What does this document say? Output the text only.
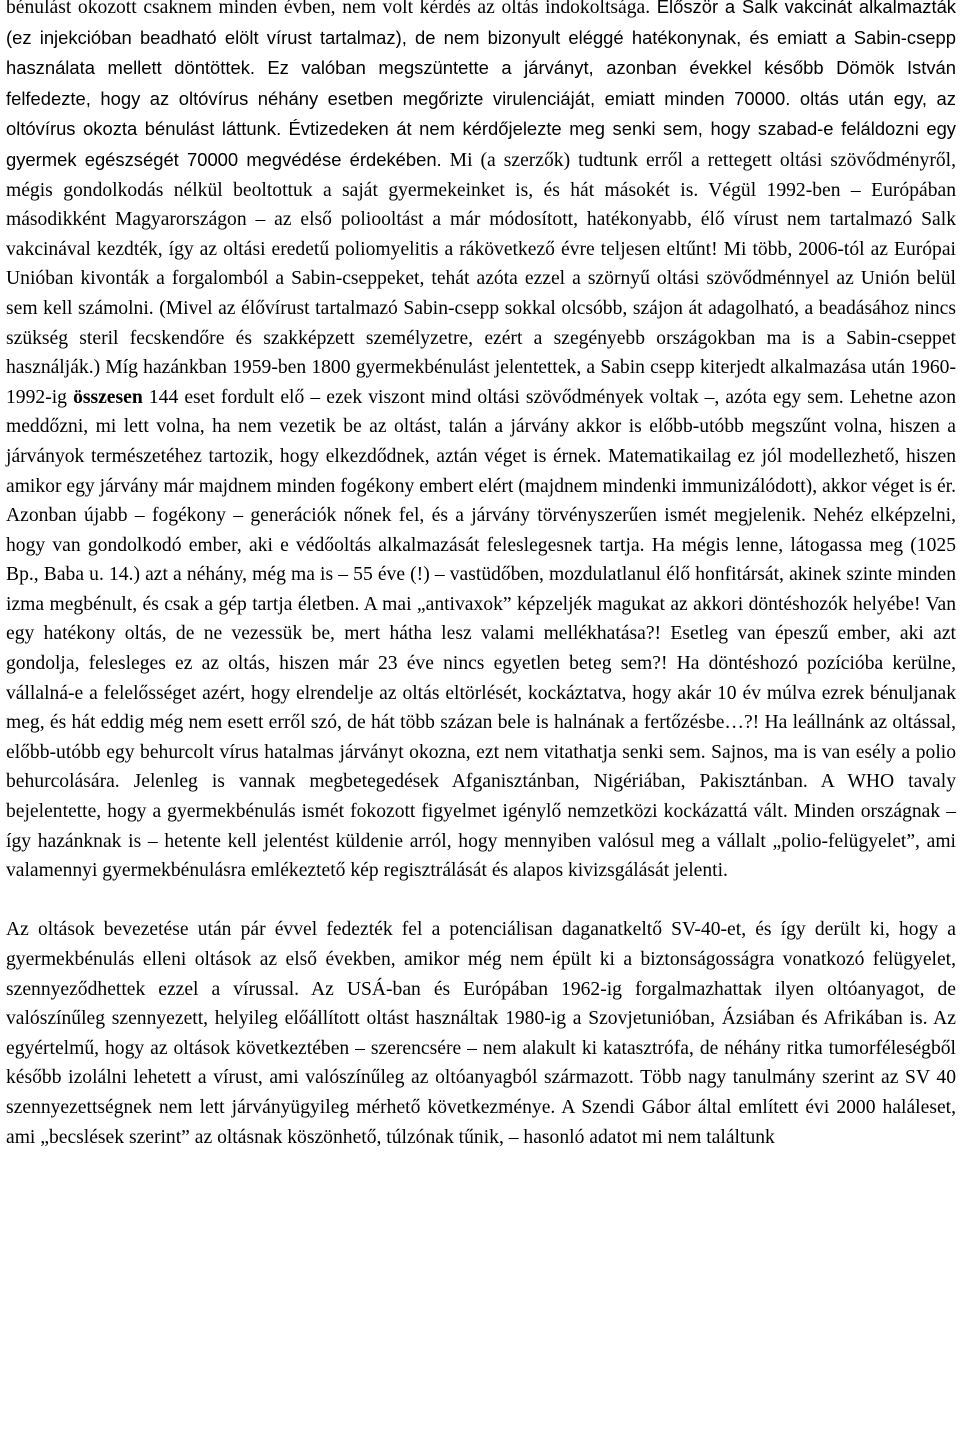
bénulást okozott csaknem minden évben, nem volt kérdés az oltás indokoltsága. Először a Salk vakcinát alkalmazták (ez injekcióban beadható elölt vírust tartalmaz), de nem bizonyult eléggé hatékonynak, és emiatt a Sabin-csepp használata mellett döntöttek. Ez valóban megszüntette a járványt, azonban évekkel később Dömök István felfedezte, hogy az oltóvírus néhány esetben megőrizte virulenciáját, emiatt minden 70000. oltás után egy, az oltóvírus okozta bénulást láttunk. Évtizedeken át nem kérdőjelezte meg senki sem, hogy szabad-e feláldozni egy gyermek egészségét 70000 megvédése érdekében. Mi (a szerzők) tudtunk erről a rettegett oltási szövődményről, mégis gondolkodás nélkül beoltottuk a saját gyermekeinket is, és hát másokét is. Végül 1992-ben – Európában másodikként Magyarországon – az első poliooltást a már módosított, hatékonyabb, élő vírust nem tartalmazó Salk vakcinával kezdték, így az oltási eredetű poliomyelitis a rákövetkező évre teljesen eltűnt! Mi több, 2006-tól az Európai Unióban kivonták a forgalomból a Sabin-cseppeket, tehát azóta ezzel a szörnyű oltási szövődménnyel az Unión belül sem kell számolni. (Mivel az élővírust tartalmazó Sabin-csepp sokkal olcsóbb, szájon át adagolható, a beadásához nincs szükség steril fecskendőre és szakképzett személyzetre, ezért a szegényebb országokban ma is a Sabin-cseppet használják.) Míg hazánkban 1959-ben 1800 gyermekbénulást jelentettek, a Sabin csepp kiterjedt alkalmazása után 1960-1992-ig összesen 144 eset fordult elő – ezek viszont mind oltási szövődmények voltak –, azóta egy sem. Lehetne azon meddőzni, mi lett volna, ha nem vezetik be az oltást, talán a járvány akkor is előbb-utóbb megszűnt volna, hiszen a járványok természetéhez tartozik, hogy elkezdődnek, aztán véget is érnek. Matematikailag ez jól modellezhető, hiszen amikor egy járvány már majdnem minden fogékony embert elért (majdnem mindenki immunizálódott), akkor véget is ér. Azonban újabb – fogékony – generációk nőnek fel, és a járvány törvényszerűen ismét megjelenik. Nehéz elképzelni, hogy van gondolkodó ember, aki e védőoltás alkalmazását feleslegesnek tartja. Ha mégis lenne, látogassa meg (1025 Bp., Baba u. 14.) azt a néhány, még ma is – 55 éve (!) – vastüdőben, mozdulatlanul élő honfitársát, akinek szinte minden izma megbénult, és csak a gép tartja életben. A mai „antivaxok” képzeljék magukat az akkori döntéshozók helyébe! Van egy hatékony oltás, de ne vezessük be, mert hátha lesz valami mellékhatása?! Esetleg van épeszű ember, aki azt gondolja, felesleges ez az oltás, hiszen már 23 éve nincs egyetlen beteg sem?! Ha döntéshozó pozícióba kerülne, vállalná-e a felelősséget azért, hogy elrendelje az oltás eltörlését, kockáztatva, hogy akár 10 év múlva ezrek bénuljanak meg, és hát eddig még nem esett erről szó, de hát több százan bele is halnának a fertőzésbe…?! Ha leállnánk az oltással, előbb-utóbb egy behurcolt vírus hatalmas járványt okozna, ezt nem vitathatja senki sem. Sajnos, ma is van esély a polio behurcolására. Jelenleg is vannak megbetegedések Afganisztánban, Nigériában, Pakisztánban. A WHO tavaly bejelentette, hogy a gyermekbénulás ismét fokozott figyelmet igénylő nemzetközi kockázattá vált. Minden országnak – így hazánknak is – hetente kell jelentést küldenie arról, hogy mennyiben valósul meg a vállalt „polio-felügyelet”, ami valamennyi gyermekbénulásra emlékeztető kép regisztrálását és alapos kivizsgálását jelenti.

Az oltások bevezetése után pár évvel fedezték fel a potenciálisan daganatkeltő SV-40-et, és így derült ki, hogy a gyermekbénulás elleni oltások az első években, amikor még nem épült ki a biztonságosságra vonatkozó felügyelet, szennyeződhettek ezzel a vírussal. Az USÁ-ban és Európában 1962-ig forgalmazhattak ilyen oltóanyagot, de valószínűleg szennyezett, helyileg előállított oltást használtak 1980-ig a Szovjetunióban, Ázsiában és Afrikában is. Az egyértelmű, hogy az oltások következtében – szerencsére – nem alakult ki katasztrófa, de néhány ritka tumorféleségből később izolálni lehetett a vírust, ami valószínűleg az oltóanyagból származott. Több nagy tanulmány szerint az SV 40 szennyezettségnek nem lett járványügyileg mérhető következménye. A Szendi Gábor által említett évi 2000 haláleset, ami „becslések szerint” az oltásnak köszönhető, túlzónak tűnik, – hasonló adatot mi nem találtunk
